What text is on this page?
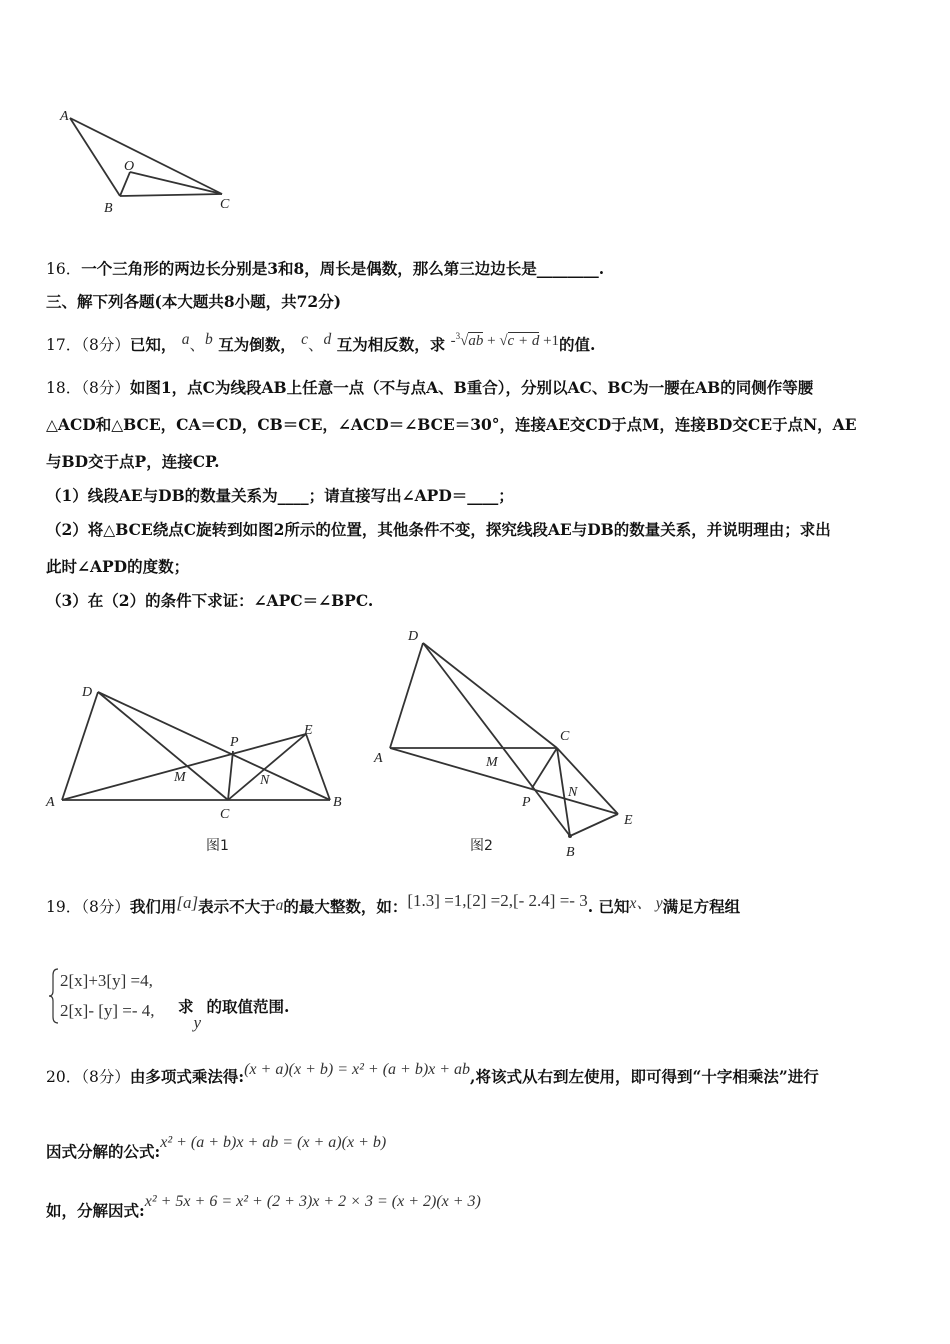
A
O
B	C
16．一个三角形的两边长分别是3和8，周长是偶数，那么第三边边长是________.
三、解下列各题(本大题共8小题，共72分)
17．（8分）已知， a、b 互为倒数， c、d 互为相反数，求 -$^3$√ab + √c + d +1的值.
18．（8分）如图1，点C为线段AB上任意一点（不与点A、B重合），分别以AC、BC为一腰在AB的同侧作等腰
△ACD和△BCE，CA＝CD，CB＝CE，∠ACD＝∠BCE＝30°，连接AE交CD于点M，连接BD交CE于点N，AE
与BD交于点P，连接CP.
（1）线段AE与DB的数量关系为____；请直接写出∠APD＝____；
（2）将△BCE绕点C旋转到如图2所示的位置，其他条件不变，探究线段AE与DB的数量关系，并说明理由；求出
此时∠APD的度数；
（3）在（2）的条件下求证：∠APC＝∠BPC.
D
P
E
M	N
A
C
B
图1
D
C
A	M
P
N
E
B
图2
19．（8分）我们用[a]表示不大于a的最大整数，如：[1.3] =1,[2] =2,[- 2.4] =- 3. 已知x、 y满足方程组
2[x]+3[y] =4,
2[x]- [y] =- 4, 求y 的取值范围.
20．（8分）由多项式乘法得:(x + a)(x + b) = x² + (a + b)x + ab,将该式从右到左使用，即可得到“十字相乘法”进行
因式分解的公式:x² + (a + b)x + ab = (x + a)(x + b)
如，分解因式:x² + 5x + 6 = x² + (2 + 3)x + 2 × 3 = (x + 2)(x + 3)
